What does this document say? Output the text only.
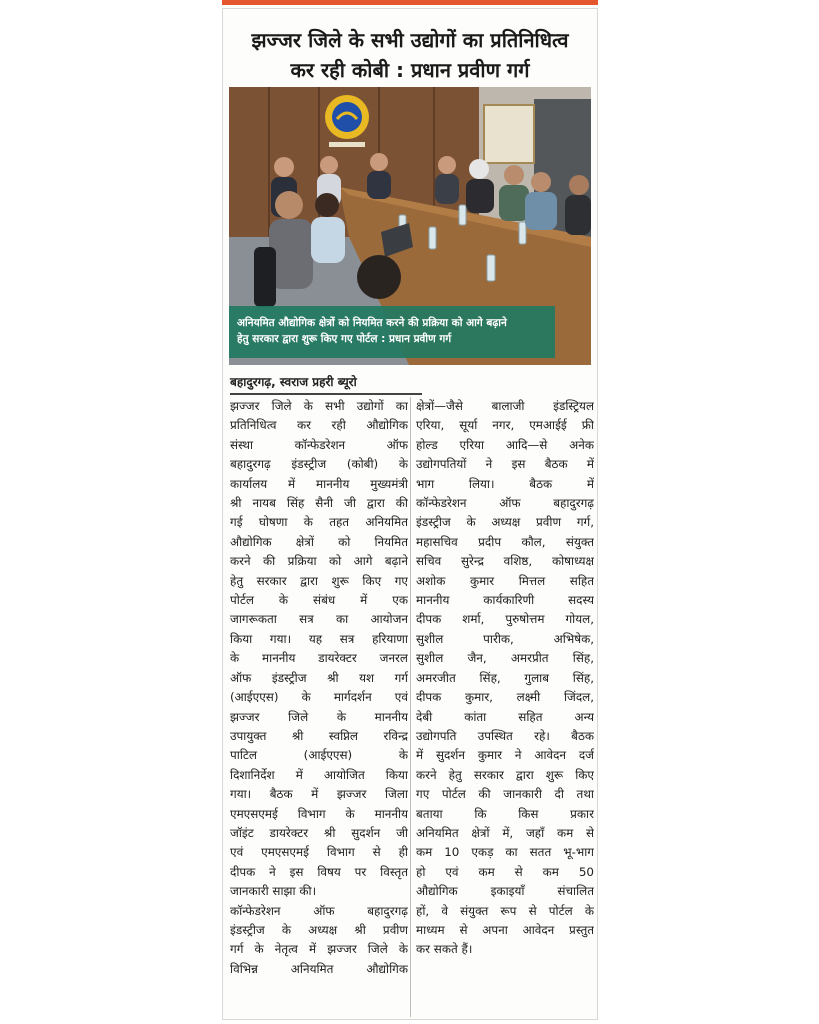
झज्जर जिले के सभी उद्योगों का प्रतिनिधित्व
कर रही कोबी : प्रधान प्रवीण गर्ग
अनियमित औद्योगिक क्षेत्रों को नियमित करने की प्रक्रिया को आगे बढ़ाने
हेतु सरकार द्वारा शुरू किए गए पोर्टल : प्रधान प्रवीण गर्ग
बहादुरगढ़, स्वराज प्रहरी ब्यूरो
झज्जर जिले के सभी उद्योगों का
प्रतिनिधित्व कर रही औद्योगिक
संस्था कॉन्फेडरेशन ऑफ
बहादुरगढ़ इंडस्ट्रीज (कोबी) के
कार्यालय में माननीय मुख्यमंत्री
श्री नायब सिंह सैनी जी द्वारा की
गई घोषणा के तहत अनियमित
औद्योगिक क्षेत्रों को नियमित
करने की प्रक्रिया को आगे बढ़ाने
हेतु सरकार द्वारा शुरू किए गए
पोर्टल के संबंध में एक
जागरूकता सत्र का आयोजन
किया गया। यह सत्र हरियाणा
के माननीय डायरेक्टर जनरल
ऑफ इंडस्ट्रीज श्री यश गर्ग
(आईएएस) के मार्गदर्शन एवं
झज्जर जिले के माननीय
उपायुक्त श्री स्वप्निल रविन्द्र
पाटिल (आईएएस) के
दिशानिर्देश में आयोजित किया
गया। बैठक में झज्जर जिला
एमएसएमई विभाग के माननीय
जॉइंट डायरेक्टर श्री सुदर्शन जी
एवं एमएसएमई विभाग से ही
दीपक ने इस विषय पर विस्तृत
जानकारी साझा की।
कॉन्फेडरेशन ऑफ बहादुरगढ़
इंडस्ट्रीज के अध्यक्ष श्री प्रवीण
गर्ग के नेतृत्व में झज्जर जिले के
विभिन्न अनियमित औद्योगिक
क्षेत्रों—जैसे बालाजी इंडस्ट्रियल
एरिया, सूर्या नगर, एमआईई फ्री
होल्ड एरिया आदि—से अनेक
उद्योगपतियों ने इस बैठक में
भाग लिया। बैठक में
कॉन्फेडरेशन ऑफ बहादुरगढ़
इंडस्ट्रीज के अध्यक्ष प्रवीण गर्ग,
महासचिव प्रदीप कौल, संयुक्त
सचिव सुरेन्द्र वशिष्ठ, कोषाध्यक्ष
अशोक कुमार मित्तल सहित
माननीय कार्यकारिणी सदस्य
दीपक शर्मा, पुरुषोत्तम गोयल,
सुशील पारीक, अभिषेक,
सुशील जैन, अमरप्रीत सिंह,
अमरजीत सिंह, गुलाब सिंह,
दीपक कुमार, लक्ष्मी जिंदल,
देबी कांता सहित अन्य
उद्योगपति उपस्थित रहे। बैठक
में सुदर्शन कुमार ने आवेदन दर्ज
करने हेतु सरकार द्वारा शुरू किए
गए पोर्टल की जानकारी दी तथा
बताया कि किस प्रकार
अनियमित क्षेत्रों में, जहाँ कम से
कम 10 एकड़ का सतत भू-भाग
हो एवं कम से कम 50
औद्योगिक इकाइयाँ संचालित
हों, वे संयुक्त रूप से पोर्टल के
माध्यम से अपना आवेदन प्रस्तुत
कर सकते हैं।
